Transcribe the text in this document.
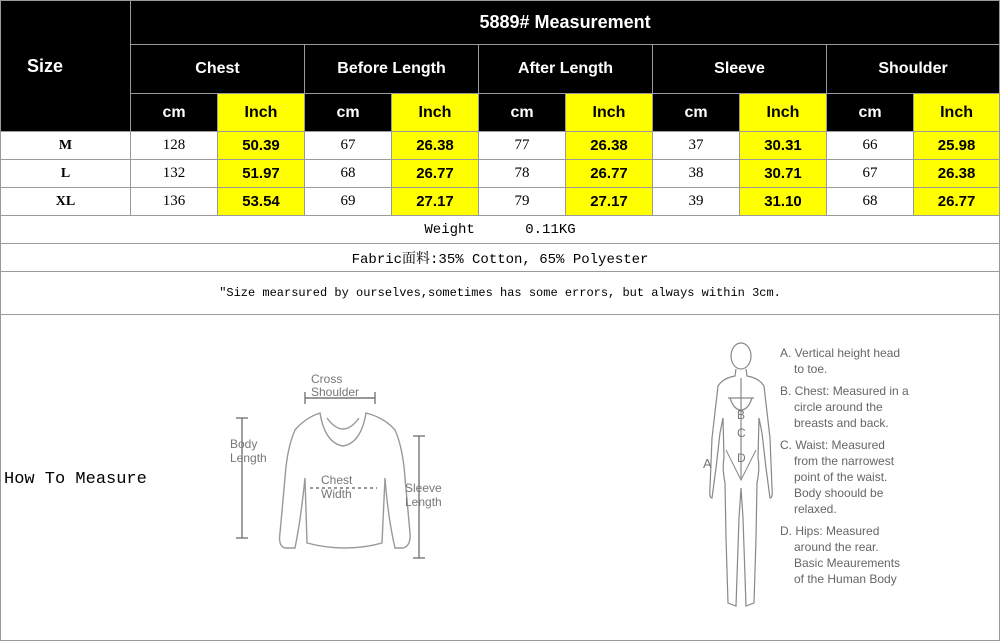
Size	5889# Measurement									
	Chest		Before Length		After Length		Sleeve		Shoulder	
	cm	Inch	cm	Inch	cm	Inch	cm	Inch	cm	Inch
M	128	50.39	67	26.38	77	26.38	37	30.31	66	25.98
L	132	51.97	68	26.77	78	26.77	38	30.71	67	26.38
XL	136	53.54	69	27.17	79	27.17	39	31.10	68	26.77
Weight 0.11KG										
Fabric面料:35% Cotton, 65% Polyester										
"Size mearsured by ourselves,sometimes has some errors, but always within 3cm.										

How To Measure
Cross
Shoulder
Body
Length
Chest
Width	Sleeve
Length
A
B
C
D

A. Vertical height head
to toe.

B. Chest: Measured in a
circle around the
breasts and back.

C. Waist: Measured
from the narrowest
point of the waist.
Body shoould be
relaxed.

D. Hips: Measured
around the rear.
Basic Meaurements
of the Human Body
